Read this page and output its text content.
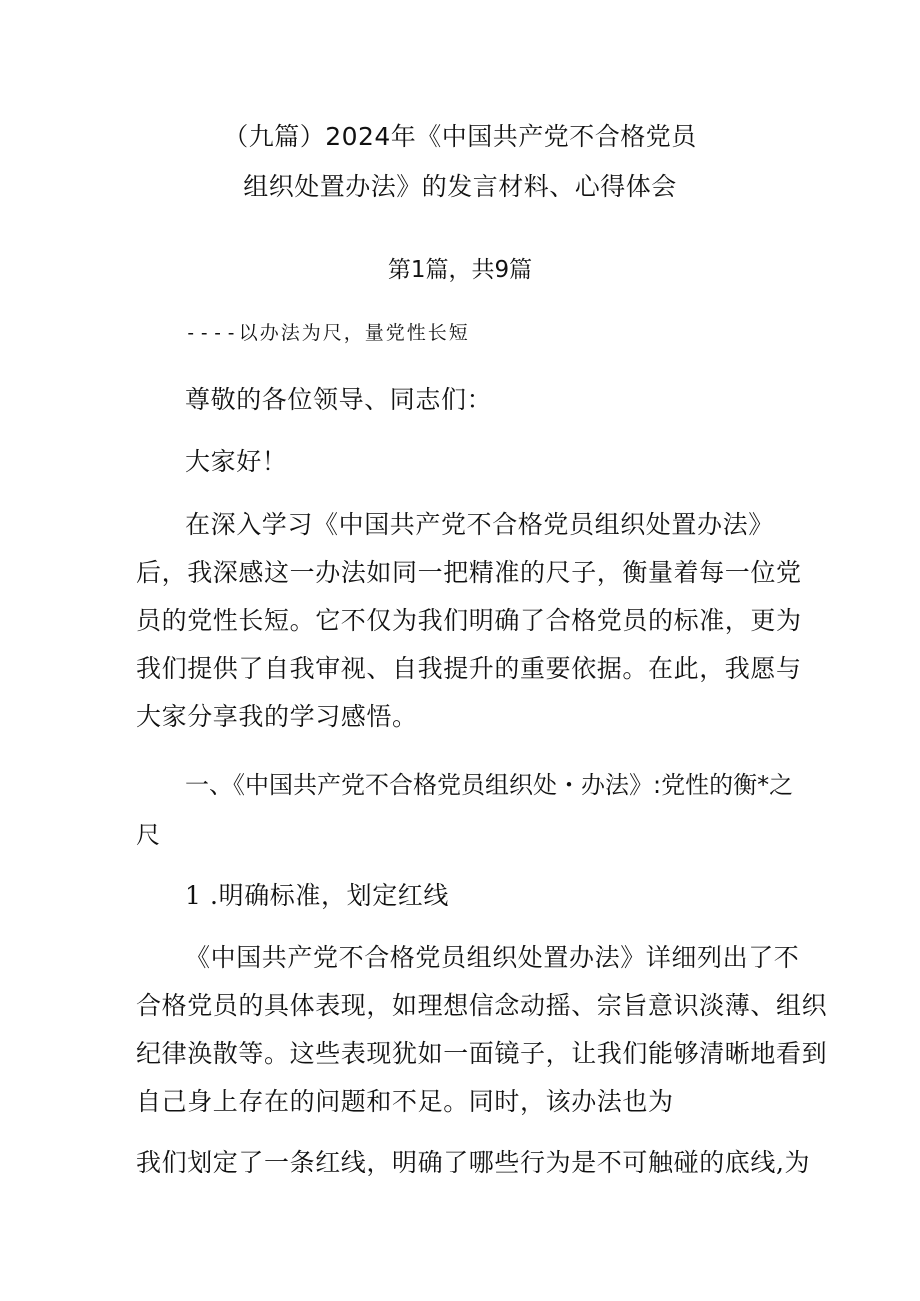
（九篇）2024年《中国共产党不合格党员

组织处置办法》的发言材料、心得体会

第1篇，共9篇

----以办法为尺，量党性长短

尊敬的各位领导、同志们：

大家好！

在深入学习《中国共产党不合格党员组织处置办法》

后，我深感这一办法如同一把精准的尺子，衡量着每一位党

员的党性长短。它不仅为我们明确了合格党员的标准，更为

我们提供了自我审视、自我提升的重要依据。在此，我愿与

大家分享我的学习感悟。

一、《中国共产党不合格党员组织处・办法》:党性的衡*之

尺

1 .明确标准，划定红线

《中国共产党不合格党员组织处置办法》详细列出了不

合格党员的具体表现，如理想信念动摇、宗旨意识淡薄、组织

纪律涣散等。这些表现犹如一面镜子，让我们能够清晰地看到

自己身上存在的问题和不足。同时，该办法也为

我们划定了一条红线，明确了哪些行为是不可触碰的底线,为
